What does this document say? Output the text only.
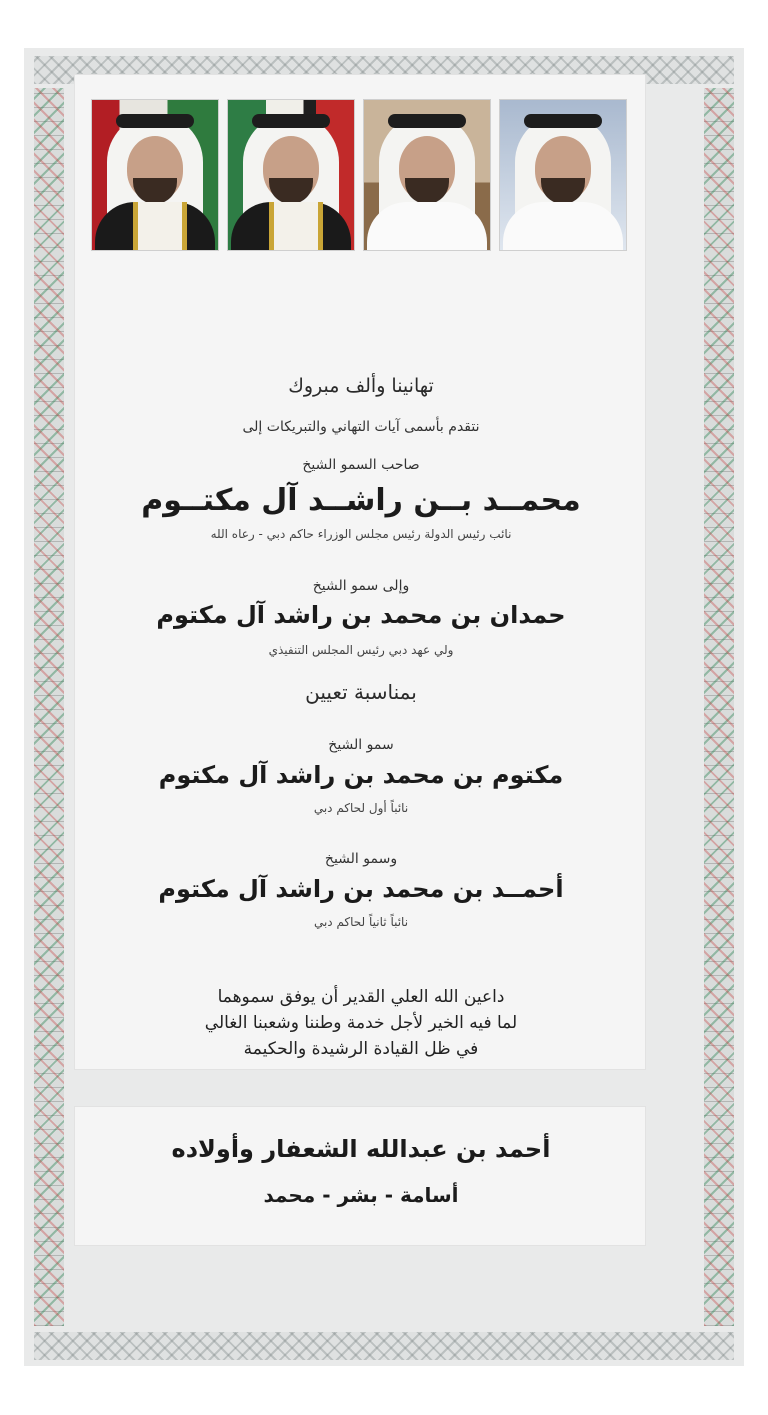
تهانينا وألف مبروك
نتقدم بأسمى آيات التهاني والتبريكات إلى
صاحب السمو الشيخ
محمــد بــن راشــد آل مكتــوم
نائب رئيس الدولة رئيس مجلس الوزراء حاكم دبي - رعاه الله
وإلى سمو الشيخ
حمدان بن محمد بن راشد آل مكتوم
ولي عهد دبي رئيس المجلس التنفيذي
بمناسبة تعيين
سمو الشيخ
مكتوم بن محمد بن راشد آل مكتوم
نائباً أول لحاكم دبي
وسمو الشيخ
أحمــد بن محمد بن راشد آل مكتوم
نائباً ثانياً لحاكم دبي
داعين الله العلي القدير أن يوفق سموهما
لما فيه الخير لأجل خدمة وطننا وشعبنا الغالي
في ظل القيادة الرشيدة والحكيمة
أحمد بن عبدالله الشعفار وأولاده
أسامة - بشر - محمد
